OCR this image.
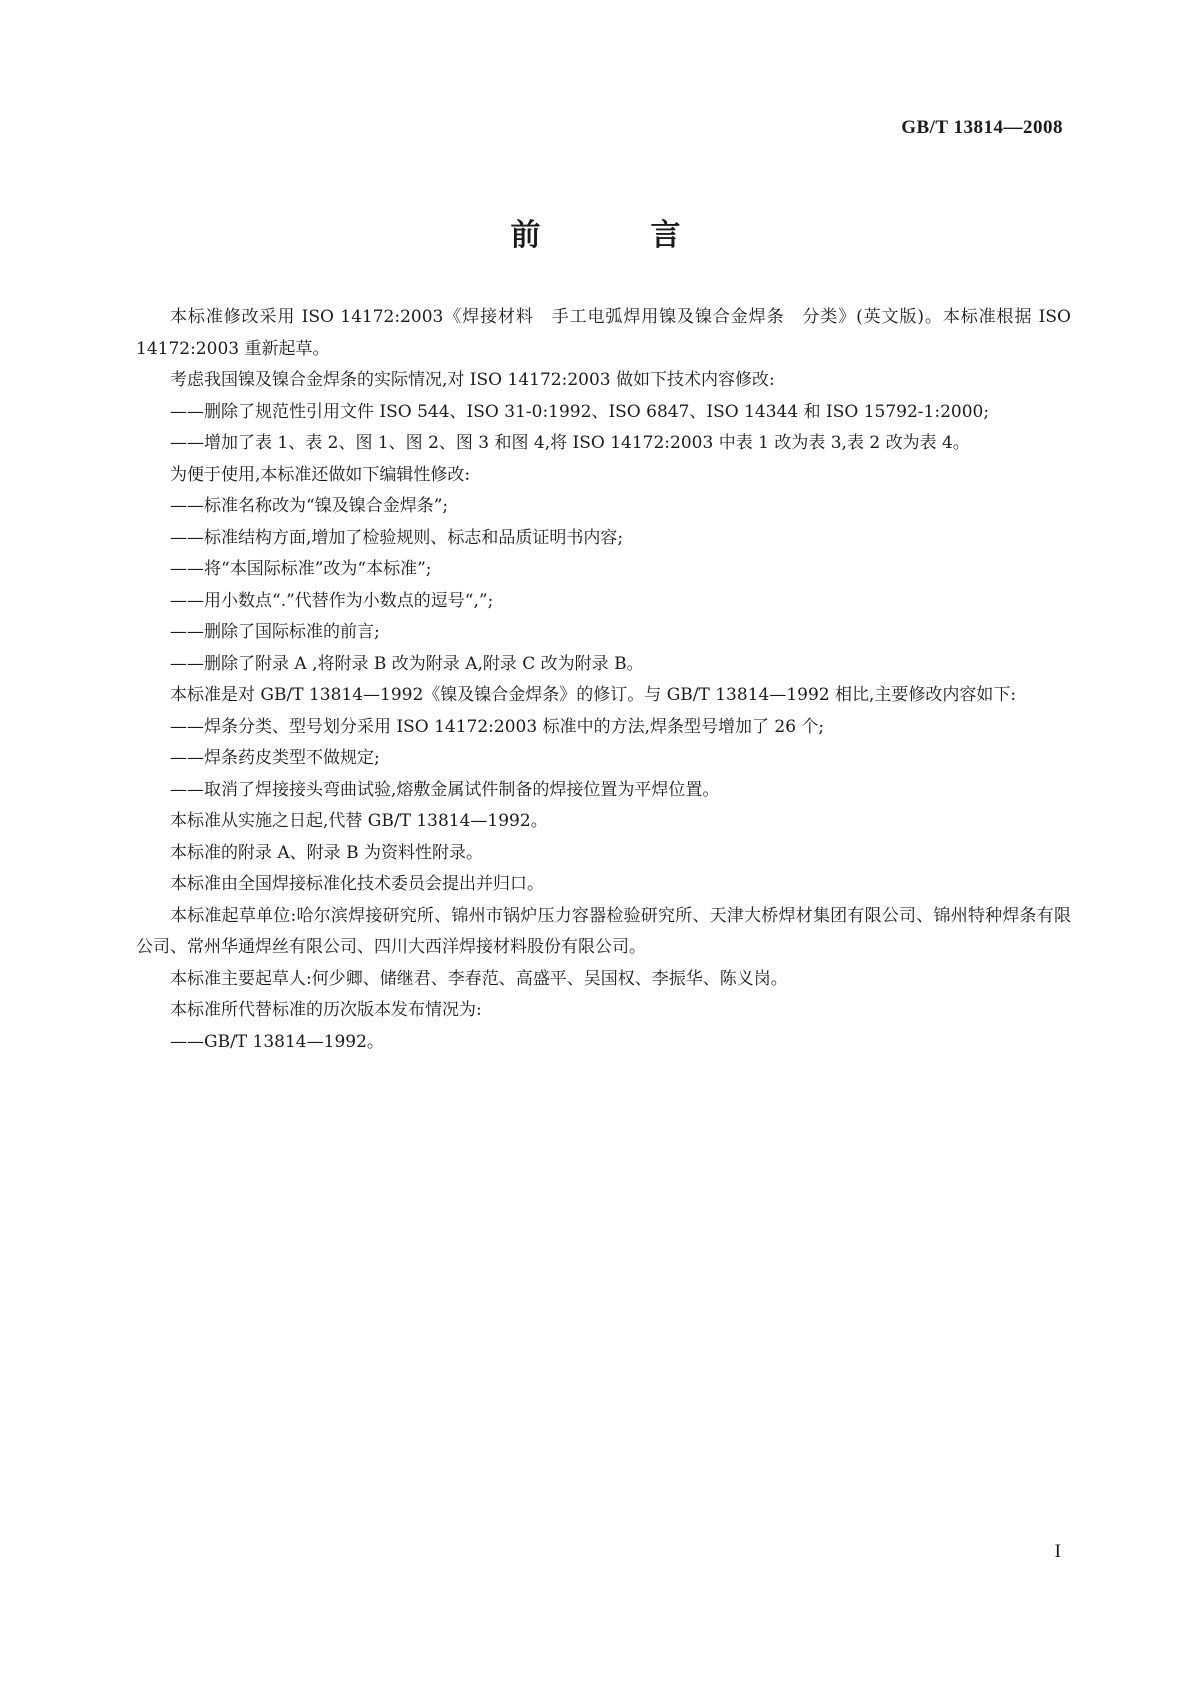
GB/T 13814—2008
前　言

本标准修改采用 ISO 14172:2003《焊接材料　手工电弧焊用镍及镍合金焊条　分类》(英文版)。本标准根据 ISO 14172:2003 重新起草。

考虑我国镍及镍合金焊条的实际情况,对 ISO 14172:2003 做如下技术内容修改:

——删除了规范性引用文件 ISO 544、ISO 31-0:1992、ISO 6847、ISO 14344 和 ISO 15792-1:2000;

——增加了表 1、表 2、图 1、图 2、图 3 和图 4,将 ISO 14172:2003 中表 1 改为表 3,表 2 改为表 4。

为便于使用,本标准还做如下编辑性修改:

——标准名称改为“镍及镍合金焊条”;

——标准结构方面,增加了检验规则、标志和品质证明书内容;

——将“本国际标准”改为“本标准”;

——用小数点“.”代替作为小数点的逗号“,”;

——删除了国际标准的前言;

——删除了附录 A ,将附录 B 改为附录 A,附录 C 改为附录 B。

本标准是对 GB/T 13814—1992《镍及镍合金焊条》的修订。与 GB/T 13814—1992 相比,主要修改内容如下:

——焊条分类、型号划分采用 ISO 14172:2003 标准中的方法,焊条型号增加了 26 个;

——焊条药皮类型不做规定;

——取消了焊接接头弯曲试验,熔敷金属试件制备的焊接位置为平焊位置。

本标准从实施之日起,代替 GB/T 13814—1992。

本标准的附录 A、附录 B 为资料性附录。

本标准由全国焊接标准化技术委员会提出并归口。

本标准起草单位:哈尔滨焊接研究所、锦州市锅炉压力容器检验研究所、天津大桥焊材集团有限公司、锦州特种焊条有限公司、常州华通焊丝有限公司、四川大西洋焊接材料股份有限公司。

本标准主要起草人:何少卿、储继君、李春范、高盛平、吴国权、李振华、陈义岗。

本标准所代替标准的历次版本发布情况为:

——GB/T 13814—1992。

I
